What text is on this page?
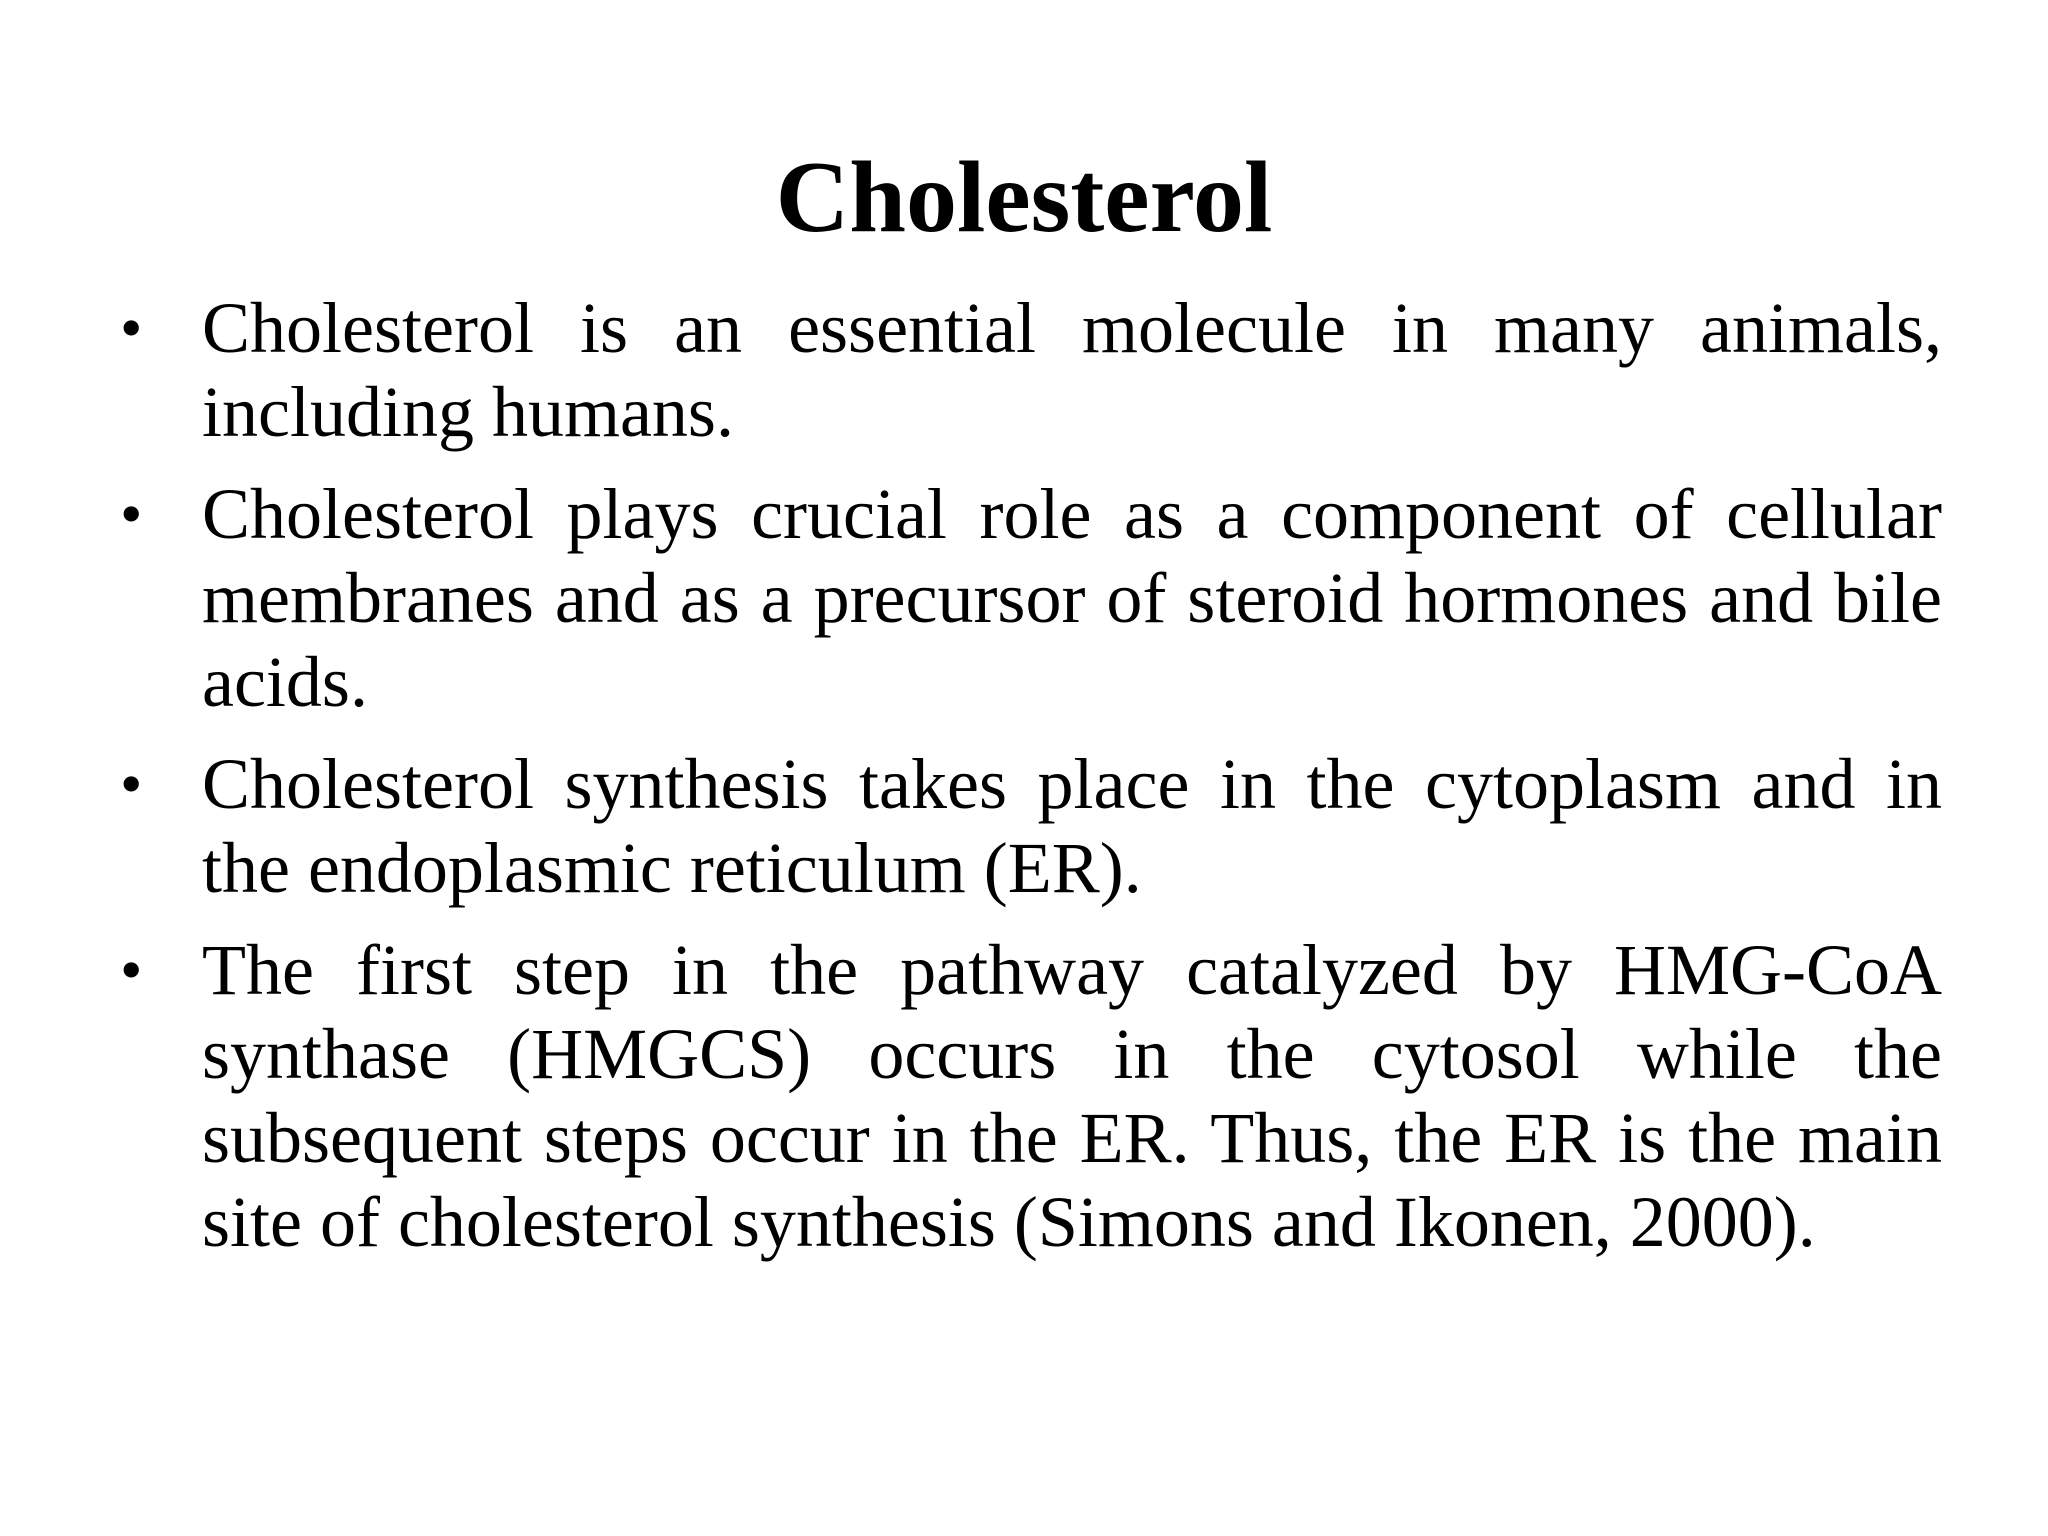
Cholesterol
• Cholesterol is an essential molecule in many animals, including humans.
• Cholesterol plays crucial role as a component of cellular membranes and as a precursor of steroid hormones and bile acids.
• Cholesterol synthesis takes place in the cytoplasm and in the endoplasmic reticulum (ER).
• The first step in the pathway catalyzed by HMG-CoA synthase (HMGCS) occurs in the cytosol while the subsequent steps occur in the ER. Thus, the ER is the main site of cholesterol synthesis (Simons and Ikonen, 2000).
